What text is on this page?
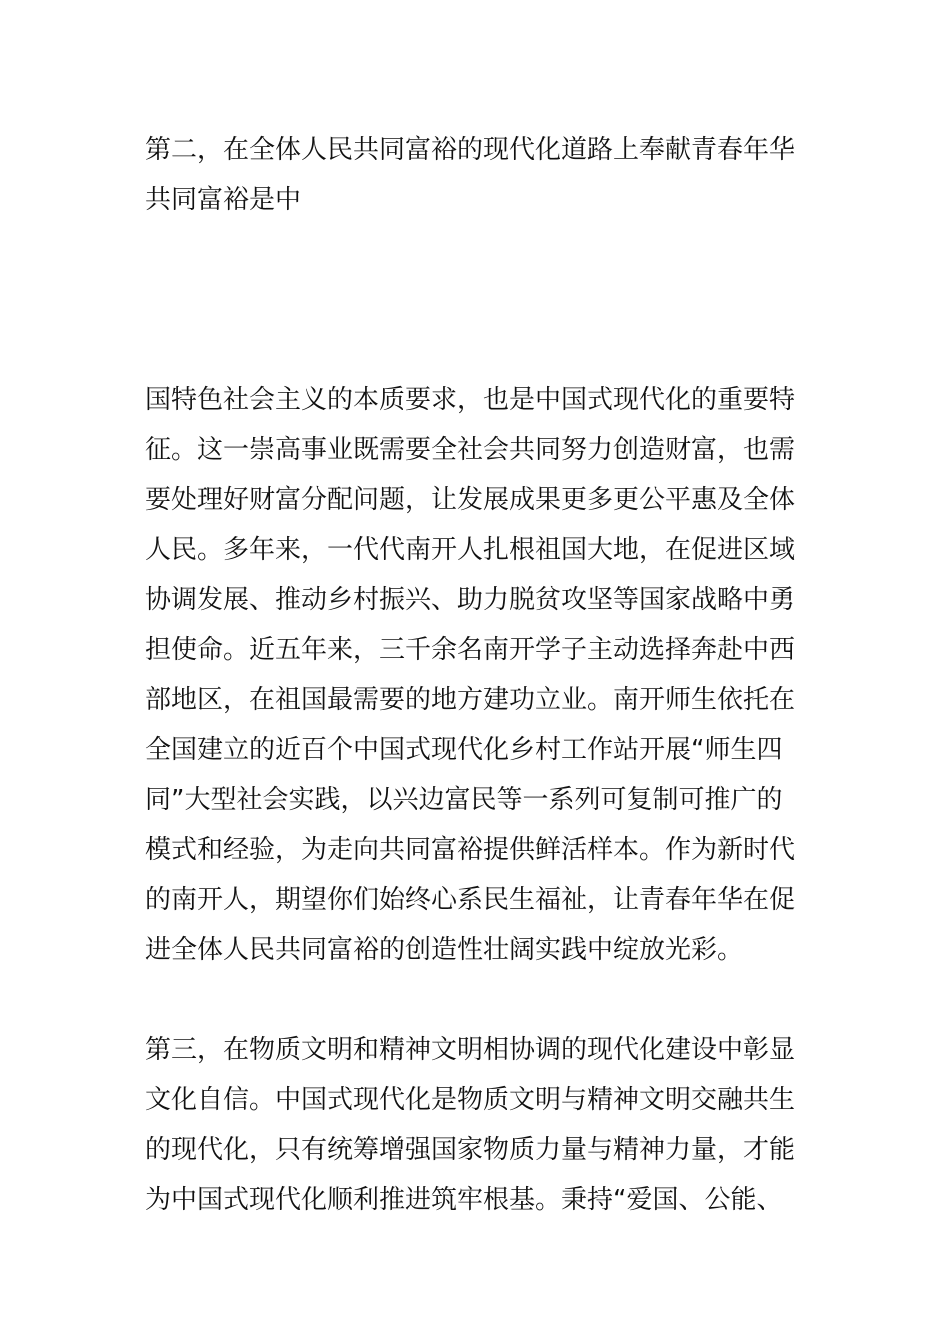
第二，在全体人民共同富裕的现代化道路上奉献青春年华
共同富裕是中
国特色社会主义的本质要求，也是中国式现代化的重要特
征。这一崇高事业既需要全社会共同努力创造财富，也需
要处理好财富分配问题，让发展成果更多更公平惠及全体
人民。多年来，一代代南开人扎根祖国大地，在促进区域
协调发展、推动乡村振兴、助力脱贫攻坚等国家战略中勇
担使命。近五年来，三千余名南开学子主动选择奔赴中西
部地区，在祖国最需要的地方建功立业。南开师生依托在
全国建立的近百个中国式现代化乡村工作站开展“师生四
同”大型社会实践，以兴边富民等一系列可复制可推广的
模式和经验，为走向共同富裕提供鲜活样本。作为新时代
的南开人，期望你们始终心系民生福祉，让青春年华在促
进全体人民共同富裕的创造性壮阔实践中绽放光彩。
第三，在物质文明和精神文明相协调的现代化建设中彰显
文化自信。中国式现代化是物质文明与精神文明交融共生
的现代化，只有统筹增强国家物质力量与精神力量，才能
为中国式现代化顺利推进筑牢根基。秉持“爱国、公能、
